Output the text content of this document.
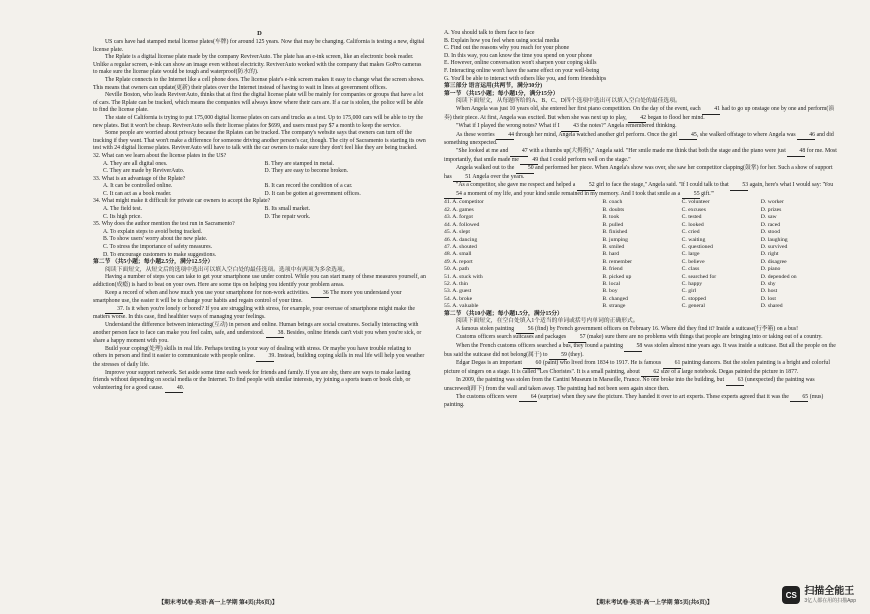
D

US cars have had stamped metal license plates(车牌) for around 125 years. Now that may be changing. California is testing a new, digital license plate.

The Rplate is a digital license plate made by the company ReviverAuto. The plate has an e-ink screen, like an electronic book reader. Unlike a regular screen, e-ink can show an image even without electricity. ReviverAuto worked with the company that makes GoPro cameras to make sure the license plate would be tough and waterproof(防水的).

The Rplate connects to the Internet like a cell phone does. The license plate's e-ink screen makes it easy to change what the screen shows. This means that owners can update(更新) their plates over the Internet instead of having to wait in lines at government offices.

Neville Boston, who leads ReviverAuto, thinks that at first the digital license plate will be mainly for companies or groups that have a lot of cars. The Rplate can be tracked, which means the companies will always know where their cars are. If a car is stolen, the police will be able to find the license plate.

The state of California is trying to put 175,000 digital license plates on cars and trucks as a test. Up to 175,000 cars will be able to try the new plates. But it won't be cheap. ReviverAuto sells their license plates for $699, and users must pay $7 a month to keep the service.

Some people are worried about privacy because the Rplates can be tracked. The company's website says that owners can turn off the tracking if they want. That won't make a difference for someone driving another person's car, though. The city of Sacramento is starting its own test with 24 digital license plates. ReviverAuto will have to talk with the car owners to make sure they don't feel like they are being tracked.

32. What can we learn about the license plates in the US?
A. They are all digital ones.	B. They are stamped in metal.
C. They are made by ReviverAuto.	D. They are easy to become broken.
33. What is an advantage of the Rplate?
A. It can be controlled online.	B. It can record the condition of a car.
C. It can act as a book reader.	D. It can be gotten at government offices.
34. What might make it difficult for private car owners to accept the Rplate?
A. The field test.	B. Its small market.
C. Its high price.	D. The repair work.
35. Why does the author mention the test run in Sacramento?
A. To explain steps to avoid being tracked.
B. To show users' worry about the new plate.
C. To stress the importance of safety measures.
D. To encourage customers to make suggestions.
第二节 （共5小题；每小题2.5分，满分12.5分）

阅读下面短文，从短文后的选项中选出可以填入空白处的最佳选项。选项中有两项为多余选项。

Having a number of steps you can take to get your smartphone use under control. While you can start many of these measures yourself, an addiction(成瘾) is hard to beat on your own. Here are some tips on helping you identify your problem areas.

Keep a record of when and how much you use your smartphone for non-work activities. 36 The more you understand your smartphone use, the easier it will be to change your habits and regain control of your time.

37. Is it when you're lonely or bored? If you are struggling with stress, for example, your overuse of smartphone might make the matters worse. In this case, find healthier ways of managing your feelings.

Understand the difference between interacting(互动) in person and online. Human beings are social creatures. Socially interacting with another person face to face can make you feel calm, safe, and understood. 38. Besides, online friends can't visit you when you're sick, or share a happy moment with you.

Build your coping(处理) skills in real life. Perhaps texting is your way of dealing with stress. Or maybe you have trouble relating to others in person and find it easier to communicate with people online. 39. Instead, building coping skills in real life will help you weather the stresses of daily life.

Improve your support network. Set aside some time each week for friends and family. If you are shy, there are ways to make lasting friends without depending on social media or the Internet. To find people with similar interests, try joining a sports team or book club, or volunteering for a good cause. 40.

【期末考试卷·英语·高一上学期 第4页(共6页)】
A. You should talk to them face to face
B. Explain how you feel when using social media
C. Find out the reasons why you reach for your phone
D. In this way, you can know the time you spend on your phone
E. However, online conversation won't sharpen your coping skills
F. Interacting online won't have the same effect on your well-being
G. You'll be able to interact with others like you, and form friendships
第三部分 语言运用(共两节，满分30分)
第一节 （共15小题；每小题1分，满分15分）

阅读下面短文，从每题所给的A、B、C、D四个选项中选出可以填入空白处的最佳选项。

When Angela was just 10 years old, she entered her first piano competition. On the day of the event, each 41 had to go up onstage one by one and perform(演奏) their piece. At first, Angela was excited. But when she was next up to play, 42 began to flood her mind.

"What if I played the wrong notes? What if I 43 the notes?" Angela remembered thinking.

As these worries 44 through her mind, Angela watched another girl perform. Once the girl 45, she walked offstage to where Angela was 46 and did something unexpected.

"She looked at me and 47 with a thumbs up(大拇指)," Angela said. "Her smile made me think that both the stage and the piano were just 48 for me. Most importantly, that smile made me 49 that I could perform well on the stage."

Angela walked out to the 50 and performed her piece. When Angela's show was over, she saw her competitor clapping(鼓掌) for her. Such a show of support has 51 Angela over the years.

"As a competitor, she gave me respect and helped a 52 girl to face the stage," Angela said. "If I could talk to that 53 again, here's what I would say: 'You 54 a moment of my life, and your kind smile remained in my memory. And I took that smile as a 55 gift.'"

41. A. competitor	B. coach	C. volunteer	D. worker
42. A. games	B. doubts	C. excuses	D. prizes
43. A. forgot	B. took	C. tested	D. saw
44. A. followed	B. pulled	C. looked	D. raced
45. A. slept	B. finished	C. cried	D. stood
46. A. dancing	B. jumping	C. waiting	D. laughing
47. A. shouted	B. smiled	C. questioned	D. survived
48. A. small	B. hard	C. large	D. right
49. A. report	B. remember	C. believe	D. disagree
50. A. path	B. friend	C. class	D. piano
51. A. stuck with	B. picked up	C. searched for	D. depended on
52. A. thin	B. local	C. happy	D. shy
53. A. guest	B. boy	C. girl	D. host
54. A. broke	B. changed	C. stopped	D. lost
55. A. valuable	B. strange	C. general	D. shared
第二节 （共10小题；每小题1.5分，满分15分）

阅读下面短文，在空白处填入1个适当的单词或括号内单词的正确形式。

A famous stolen painting 56 (find) by French government officers on February 16. Where did they find it? Inside a suitcase(行李箱) on a bus!

Customs officers search suitcases and packages 57 (make) sure there are no problems with things that people are bringing into or taking out of a country.

When the French customs officers searched a bus, they found a painting 58 was stolen almost nine years ago. It was inside a suitcase. But all the people on the bus said the suitcase did not belong(属于) to 59 (they).

Edgar Degas is an important 60 (paint) who lived from 1834 to 1917. He is famous 61 painting dancers. But the stolen painting is a bright and colorful picture of singers on a stage. It is called "Les Choristes". It is a small painting, about 62 size of a large notebook. Degas painted the picture in 1877.

In 2009, the painting was stolen from the Cantini Museum in Marseille, France. No one broke into the building, but 63 (unexpected) the painting was unscrewed(卸下) from the wall and taken away. The painting had not been seen again since then.

The customs officers were 64 (surprise) when they saw the picture. They handed it over to art experts. These experts agreed that it was the 65 (mus) painting.

【期末考试卷·英语·高一上学期 第5页(共6页)】
CS 扫描全能王
3亿人都在用的扫描App
